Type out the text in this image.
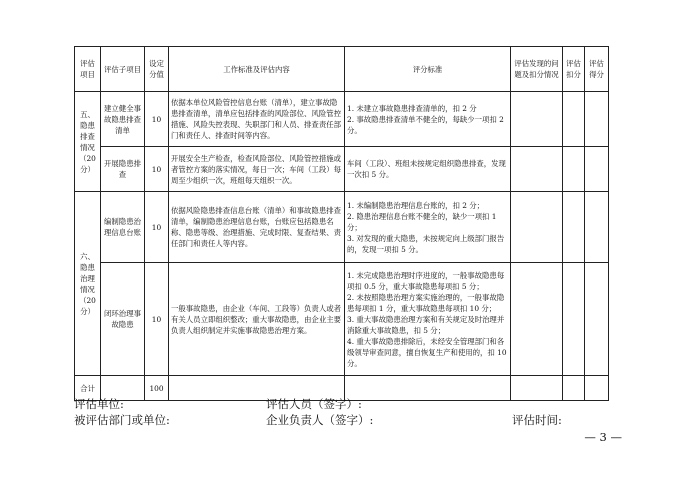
评估项目	评估子项目	设定分值	工作标准及评估内容	评分标准	评估发现的问题及扣分情况	评估扣分	评估得分
五、隐患排查情况（20分）	建立健全事故隐患排查清单	10	依据本单位风险管控信息台账（清单），建立事故隐患排查清单，清单应包括排查的风险部位、风险管控措施、风险失控表现、失职部门和人员、排查责任部门和责任人、排查时间等内容。	1. 未建立事故隐患排查清单的，扣 2 分
2. 事故隐患排查清单不健全的，每缺少一项扣 2 分。			
	开展隐患排查	10	开展安全生产检查，检查风险部位、风险管控措施或者管控方案的落实情况，每日一次；车间（工段）每周至少组织一次，班组每天组织一次。	车间（工段）、班组未按规定组织隐患排查，发现一次扣 5 分。			
六、隐患治理情况（20分）	编制隐患治理信息台账	10	依据风险隐患排查信息台账（清单）和事故隐患排查清单，编制隐患治理信息台账，台账应包括隐患名称、隐患等级、治理措施、完成时限、复查结果、责任部门和责任人等内容。	1. 未编制隐患治理信息台账的，扣 2 分；
2. 隐患治理信息台账不健全的，缺少一项扣 1 分；
3. 对发现的重大隐患，未按规定向上级部门报告的，发现一项扣 5 分。			
	闭环治理事故隐患	10	一般事故隐患，由企业（车间、工段等）负责人或者有关人员立即组织整改；重大事故隐患，由企业主要负责人组织制定并实施事故隐患治理方案。	1. 未完成隐患治理时序进度的，一般事故隐患每项扣 0.5 分，重大事故隐患每项扣 5 分；
2. 未按照隐患治理方案实施治理的，一般事故隐患每项扣 1 分，重大事故隐患每项扣 10 分；
3. 重大事故隐患治理方案和有关规定及时治理并消除重大事故隐患，扣 5 分；
4. 重大事故隐患排除后，未经安全管理部门和各级领导审查同意，擅自恢复生产和使用的，扣 10 分。			
合计		100					
评估单位:	评估人员（签字）:
被评估部门或单位:	企业负责人（签字）:	评估时间:
— 3 —
